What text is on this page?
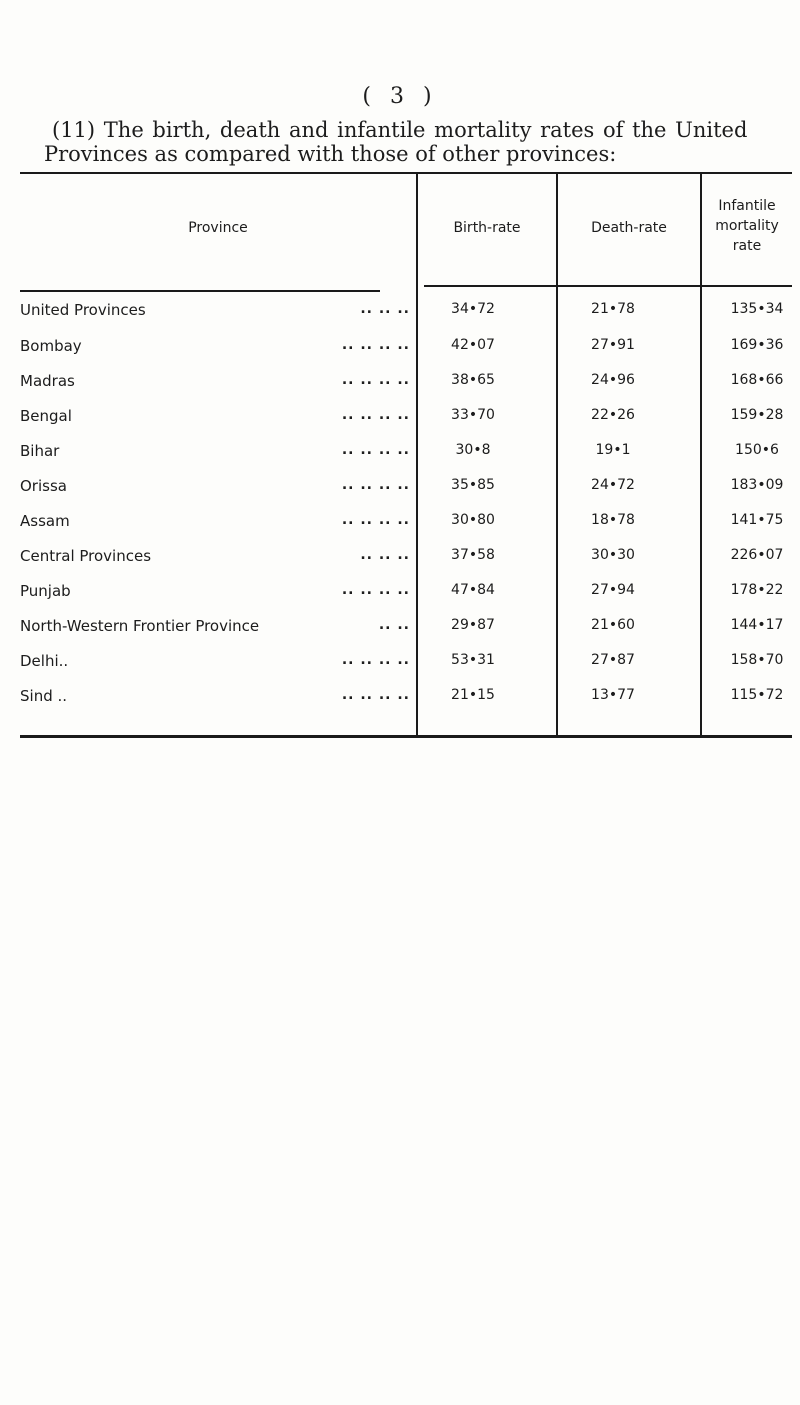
( 3 )
(11) The birth, death and infantile mortality rates of the United
Provinces as compared with those of other provinces:
Province	Birth-rate	Death-rate
Infantile
mortality
rate
United Provinces	.. .. ..	34•72	21•78	135•34
Bombay	.. .. .. ..	42•07	27•91	169•36
Madras	.. .. .. ..	38•65	24•96	168•66
Bengal	.. .. .. ..	33•70	22•26	159•28
Bihar	.. .. .. ..	30•8	19•1	150•6
Orissa	.. .. .. ..	35•85	24•72	183•09
Assam	.. .. .. ..	30•80	18•78	141•75
Central Provinces	.. .. ..	37•58	30•30	226•07
Punjab	.. .. .. ..	47•84	27•94	178•22
North-Western Frontier Province	.. ..	29•87	21•60	144•17
Delhi..	.. .. .. ..	53•31	27•87	158•70
Sind ..	.. .. .. ..	21•15	13•77	115•72
